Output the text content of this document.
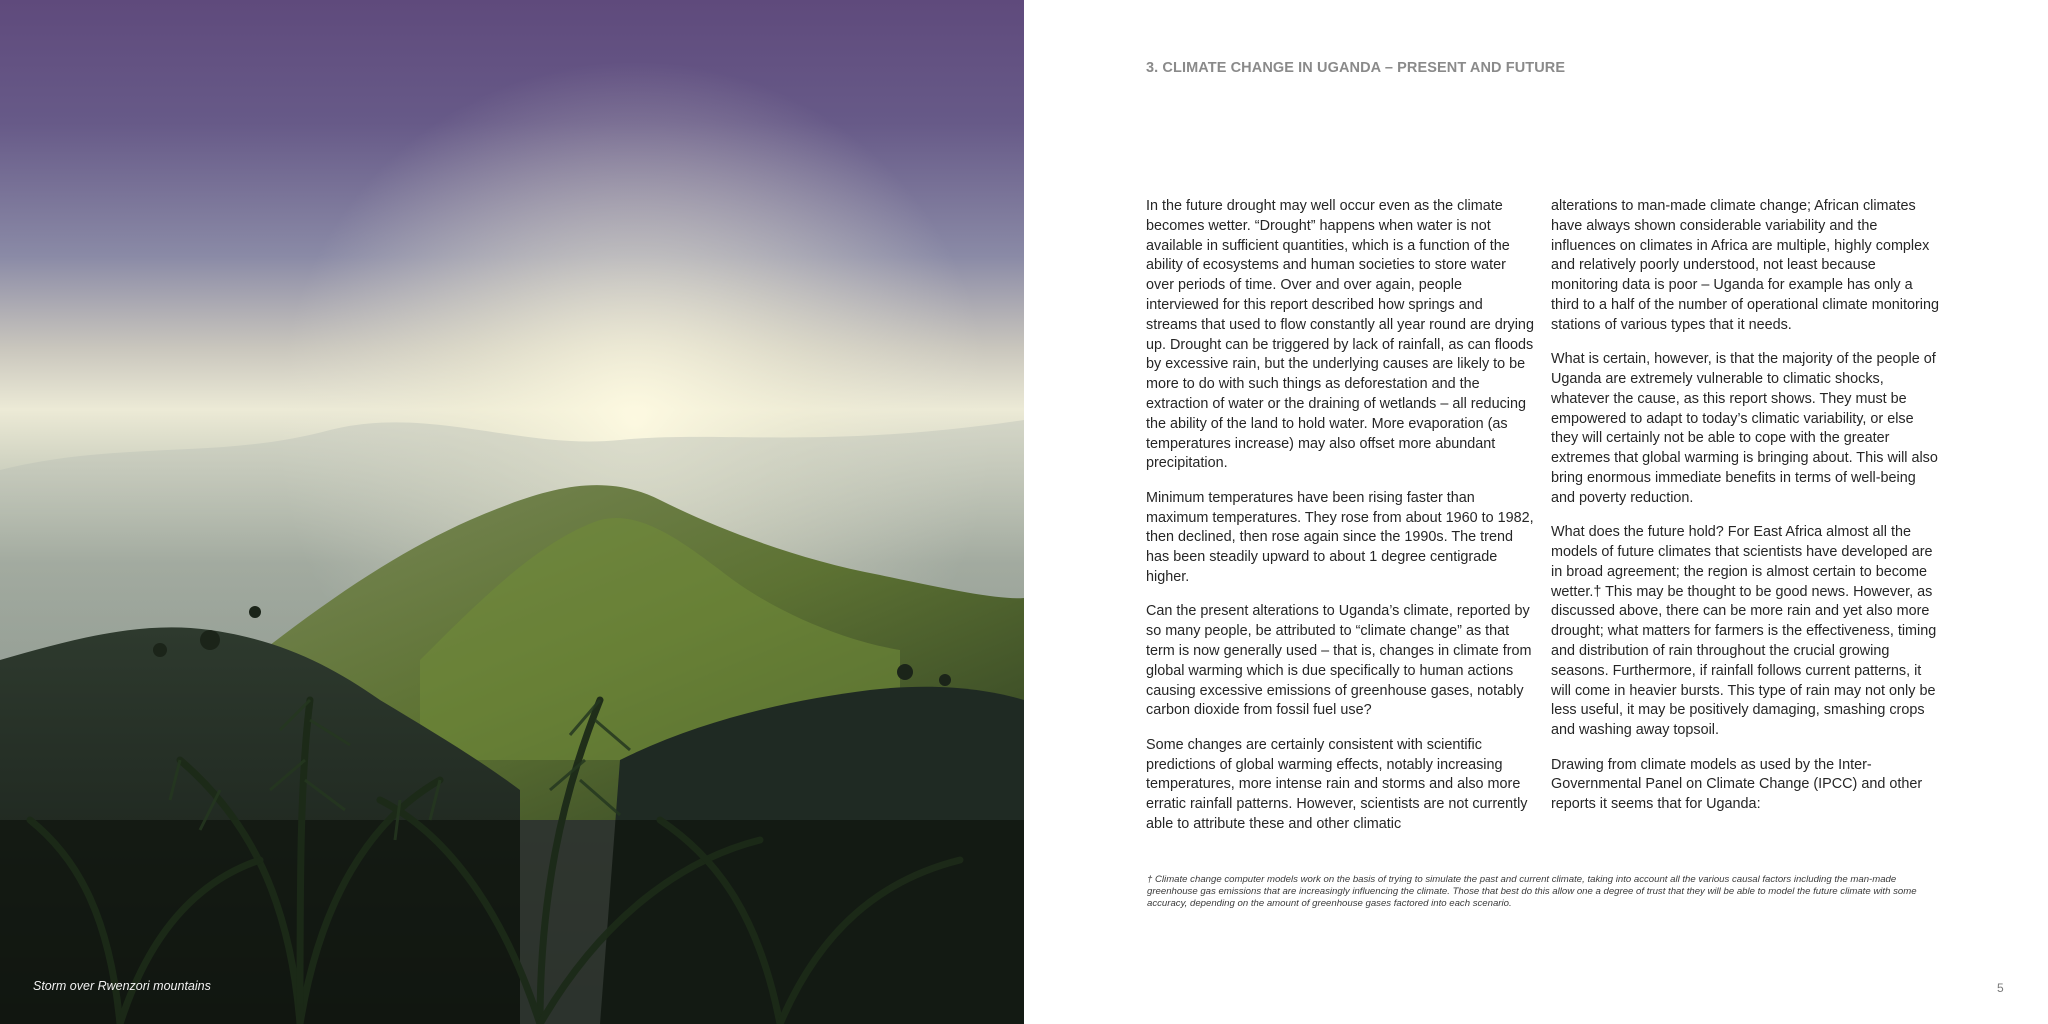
Storm over Rwenzori mountains
3. CLIMATE CHANGE IN UGANDA – PRESENT AND FUTURE

In the future drought may well occur even as the climate becomes wetter. “Drought” happens when water is not available in sufficient quantities, which is a function of the ability of ecosystems and human societies to store water over periods of time. Over and over again, people interviewed for this report described how springs and streams that used to flow constantly all year round are drying up. Drought can be triggered by lack of rainfall, as can floods by excessive rain, but the underlying causes are likely to be more to do with such things as deforestation and the extraction of water or the draining of wetlands – all reducing the ability of the land to hold water. More evaporation (as temperatures increase) may also offset more abundant precipitation.

Minimum temperatures have been rising faster than maximum temperatures. They rose from about 1960 to 1982, then declined, then rose again since the 1990s. The trend has been steadily upward to about 1 degree centigrade higher.

Can the present alterations to Uganda’s climate, reported by so many people, be attributed to “climate change” as that term is now generally used – that is, changes in climate from global warming which is due specifically to human actions causing excessive emissions of greenhouse gases, notably carbon dioxide from fossil fuel use?

Some changes are certainly consistent with scientific predictions of global warming effects, notably increasing temperatures, more intense rain and storms and also more erratic rainfall patterns. However, scientists are not currently able to attribute these and other climatic

alterations to man-made climate change; African climates have always shown considerable variability and the influences on climates in Africa are multiple, highly complex and relatively poorly understood, not least because monitoring data is poor – Uganda for example has only a third to a half of the number of operational climate monitoring stations of various types that it needs.

What is certain, however, is that the majority of the people of Uganda are extremely vulnerable to climatic shocks, whatever the cause, as this report shows. They must be empowered to adapt to today’s climatic variability, or else they will certainly not be able to cope with the greater extremes that global warming is bringing about. This will also bring enormous immediate benefits in terms of well-being and poverty reduction.

What does the future hold? For East Africa almost all the models of future climates that scientists have developed are in broad agreement; the region is almost certain to become wetter.† This may be thought to be good news. However, as discussed above, there can be more rain and yet also more drought; what matters for farmers is the effectiveness, timing and distribution of rain throughout the crucial growing seasons. Furthermore, if rainfall follows current patterns, it will come in heavier bursts. This type of rain may not only be less useful, it may be positively damaging, smashing crops and washing away topsoil.

Drawing from climate models as used by the Inter-Governmental Panel on Climate Change (IPCC) and other reports it seems that for Uganda:

† Climate change computer models work on the basis of trying to simulate the past and current climate, taking into account all the various causal factors including the man-made greenhouse gas emissions that are increasingly influencing the climate. Those that best do this allow one a degree of trust that they will be able to model the future climate with some accuracy, depending on the amount of greenhouse gases factored into each scenario.
5
